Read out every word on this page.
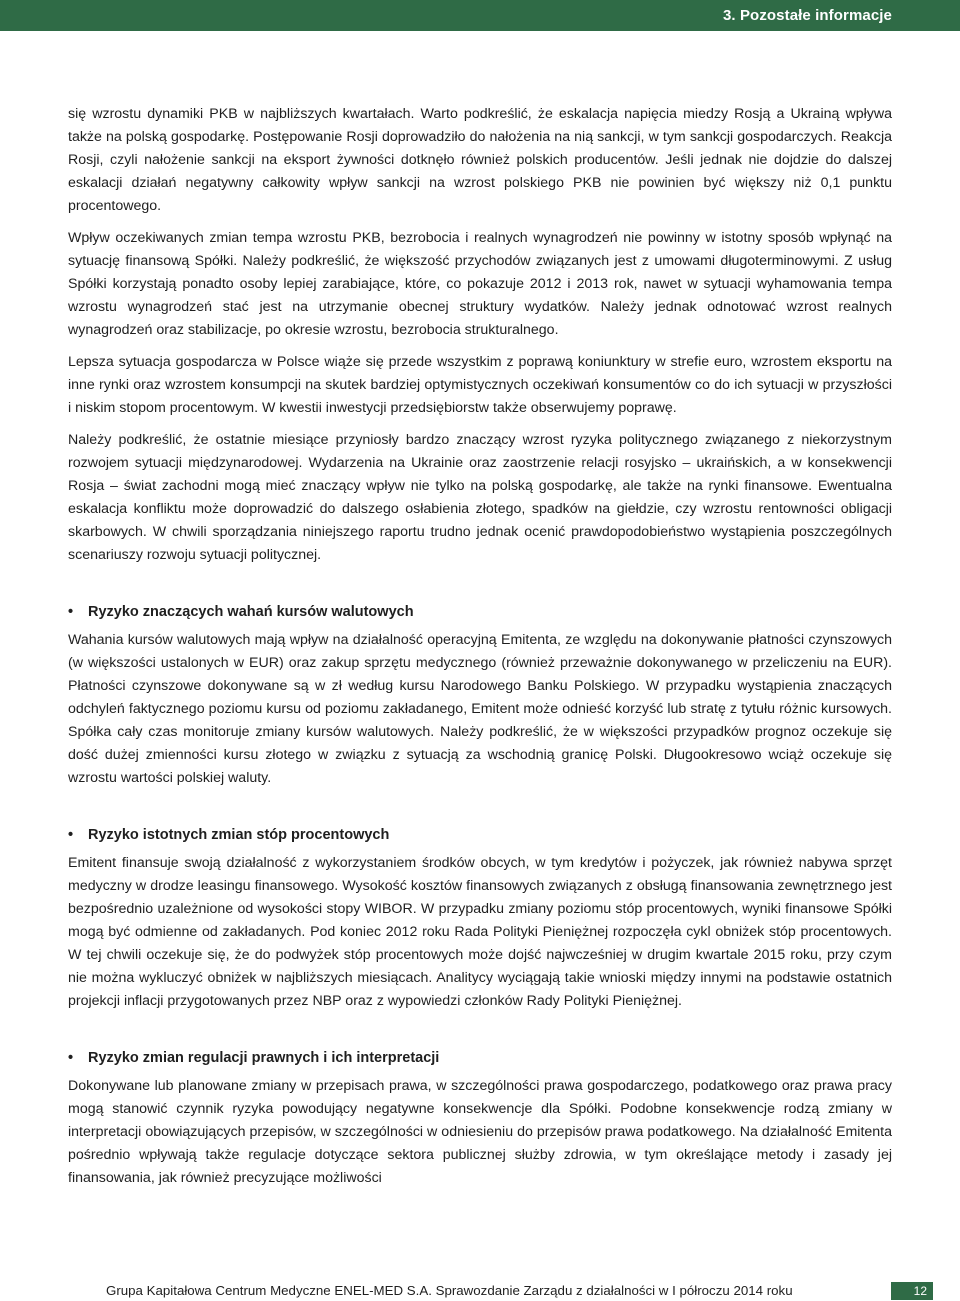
3. Pozostałe informacje

się wzrostu dynamiki PKB w najbliższych kwartałach. Warto podkreślić, że eskalacja napięcia miedzy Rosją a Ukrainą wpływa także na polską gospodarkę. Postępowanie Rosji doprowadziło do nałożenia na nią sankcji, w tym sankcji gospodarczych. Reakcja Rosji, czyli nałożenie sankcji na eksport żywności dotknęło również polskich producentów. Jeśli jednak nie dojdzie do dalszej eskalacji działań negatywny całkowity wpływ sankcji na wzrost polskiego PKB nie powinien być większy niż 0,1 punktu procentowego.

Wpływ oczekiwanych zmian tempa wzrostu PKB, bezrobocia i realnych wynagrodzeń nie powinny w istotny sposób wpłynąć na sytuację finansową Spółki. Należy podkreślić, że większość przychodów związanych jest z umowami długoterminowymi. Z usług Spółki korzystają ponadto osoby lepiej zarabiające, które, co pokazuje 2012 i 2013 rok, nawet w sytuacji wyhamowania tempa wzrostu wynagrodzeń stać jest na utrzymanie obecnej struktury wydatków. Należy jednak odnotować wzrost realnych wynagrodzeń oraz stabilizacje, po okresie wzrostu, bezrobocia strukturalnego.

Lepsza sytuacja gospodarcza w Polsce wiąże się przede wszystkim z poprawą koniunktury w strefie euro, wzrostem eksportu na inne rynki oraz wzrostem konsumpcji na skutek bardziej optymistycznych oczekiwań konsumentów co do ich sytuacji w przyszłości i niskim stopom procentowym. W kwestii inwestycji przedsiębiorstw także obserwujemy poprawę.

Należy podkreślić, że ostatnie miesiące przyniosły bardzo znaczący wzrost ryzyka politycznego związanego z niekorzystnym rozwojem sytuacji międzynarodowej. Wydarzenia na Ukrainie oraz zaostrzenie relacji rosyjsko – ukraińskich, a w konsekwencji Rosja – świat zachodni mogą mieć znaczący wpływ nie tylko na polską gospodarkę, ale także na rynki finansowe. Ewentualna eskalacja konfliktu może doprowadzić do dalszego osłabienia złotego, spadków na giełdzie, czy wzrostu rentowności obligacji skarbowych. W chwili sporządzania niniejszego raportu trudno jednak ocenić prawdopodobieństwo wystąpienia poszczególnych scenariuszy rozwoju sytuacji politycznej.

• Ryzyko znaczących wahań kursów walutowych

Wahania kursów walutowych mają wpływ na działalność operacyjną Emitenta, ze względu na dokonywanie płatności czynszowych (w większości ustalonych w EUR) oraz zakup sprzętu medycznego (również przeważnie dokonywanego w przeliczeniu na EUR). Płatności czynszowe dokonywane są w zł według kursu Narodowego Banku Polskiego. W przypadku wystąpienia znaczących odchyleń faktycznego poziomu kursu od poziomu zakładanego, Emitent może odnieść korzyść lub stratę z tytułu różnic kursowych. Spółka cały czas monitoruje zmiany kursów walutowych. Należy podkreślić, że w większości przypadków prognoz oczekuje się dość dużej zmienności kursu złotego w związku z sytuacją za wschodnią granicę Polski. Długookresowo wciąż oczekuje się wzrostu wartości polskiej waluty.

• Ryzyko istotnych zmian stóp procentowych

Emitent finansuje swoją działalność z wykorzystaniem środków obcych, w tym kredytów i pożyczek, jak również nabywa sprzęt medyczny w drodze leasingu finansowego. Wysokość kosztów finansowych związanych z obsługą finansowania zewnętrznego jest bezpośrednio uzależnione od wysokości stopy WIBOR. W przypadku zmiany poziomu stóp procentowych, wyniki finansowe Spółki mogą być odmienne od zakładanych. Pod koniec 2012 roku Rada Polityki Pieniężnej rozpoczęła cykl obniżek stóp procentowych. W tej chwili oczekuje się, że do podwyżek stóp procentowych może dojść najwcześniej w drugim kwartale 2015 roku, przy czym nie można wykluczyć obniżek w najbliższych miesiącach. Analitycy wyciągają takie wnioski między innymi na podstawie ostatnich projekcji inflacji przygotowanych przez NBP oraz z wypowiedzi członków Rady Polityki Pieniężnej.

• Ryzyko zmian regulacji prawnych i ich interpretacji

Dokonywane lub planowane zmiany w przepisach prawa, w szczególności prawa gospodarczego, podatkowego oraz prawa pracy mogą stanowić czynnik ryzyka powodujący negatywne konsekwencje dla Spółki. Podobne konsekwencje rodzą zmiany w interpretacji obowiązujących przepisów, w szczególności w odniesieniu do przepisów prawa podatkowego. Na działalność Emitenta pośrednio wpływają także regulacje dotyczące sektora publicznej służby zdrowia, w tym określające metody i zasady jej finansowania, jak również precyzujące możliwości

Grupa Kapitałowa Centrum Medyczne ENEL-MED S.A. Sprawozdanie Zarządu z działalności w I półroczu 2014 roku	12
